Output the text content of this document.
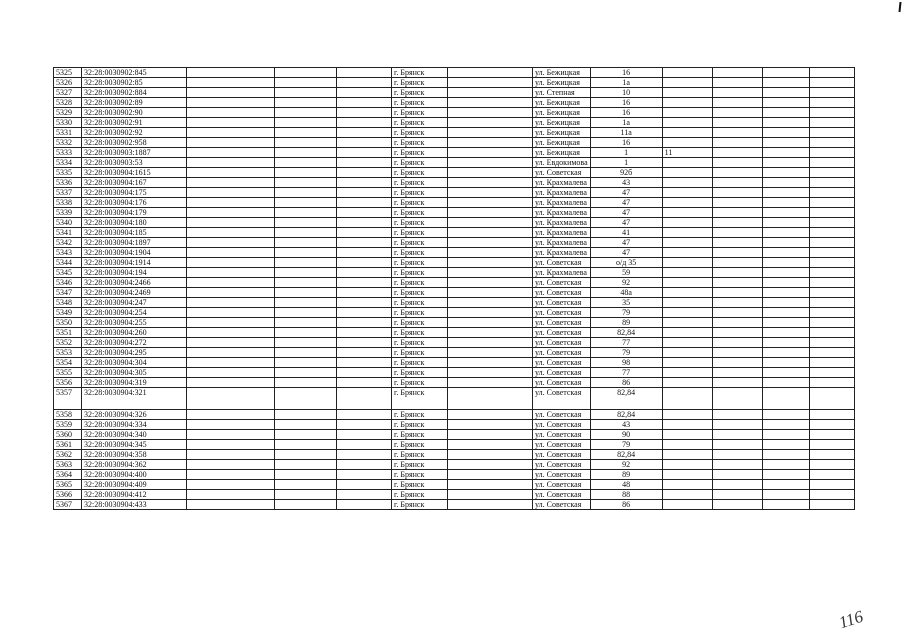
5325	32:28:0030902:845				г. Брянск		ул. Бежицкая	16				
5326	32:28:0030902:85				г. Брянск		ул. Бежицкая	1а				
5327	32:28:0030902:884				г. Брянск		ул. Степная	10				
5328	32:28:0030902:89				г. Брянск		ул. Бежицкая	16				
5329	32:28:0030902:90				г. Брянск		ул. Бежицкая	16				
5330	32:28:0030902:91				г. Брянск		ул. Бежицкая	1а				
5331	32:28:0030902:92				г. Брянск		ул. Бежицкая	11а				
5332	32:28:0030902:958				г. Брянск		ул. Бежицкая	16				
5333	32:28:0030903:1887				г. Брянск		ул. Бежицкая	1	11			
5334	32:28:0030903:53				г. Брянск		ул. Евдокимова	1				
5335	32:28:0030904:1615				г. Брянск		ул. Советская	92б				
5336	32:28:0030904:167				г. Брянск		ул. Крахмалева	43				
5337	32:28:0030904:175				г. Брянск		ул. Крахмалева	47				
5338	32:28:0030904:176				г. Брянск		ул. Крахмалева	47				
5339	32:28:0030904:179				г. Брянск		ул. Крахмалева	47				
5340	32:28:0030904:180				г. Брянск		ул. Крахмалева	47				
5341	32:28:0030904:185				г. Брянск		ул. Крахмалева	41				
5342	32:28:0030904:1897				г. Брянск		ул. Крахмалева	47				
5343	32:28:0030904:1904				г. Брянск		ул. Крахмалева	47				
5344	32:28:0030904:1914				г. Брянск		ул. Советская	о/д 35				
5345	32:28:0030904:194				г. Брянск		ул. Крахмалева	59				
5346	32:28:0030904:2466				г. Брянск		ул. Советская	92				
5347	32:28:0030904:2469				г. Брянск		ул. Советская	48а				
5348	32:28:0030904:247				г. Брянск		ул. Советская	35				
5349	32:28:0030904:254				г. Брянск		ул. Советская	79				
5350	32:28:0030904:255				г. Брянск		ул. Советская	89				
5351	32:28:0030904:260				г. Брянск		ул. Советская	82,84				
5352	32:28:0030904:272				г. Брянск		ул. Советская	77				
5353	32:28:0030904:295				г. Брянск		ул. Советская	79				
5354	32:28:0030904:304				г. Брянск		ул. Советская	98				
5355	32:28:0030904:305				г. Брянск		ул. Советская	77				
5356	32:28:0030904:319				г. Брянск		ул. Советская	86				
5357	32:28:0030904:321				г. Брянск		ул. Советская	82,84				
5358	32:28:0030904:326				г. Брянск		ул. Советская	82,84				
5359	32:28:0030904:334				г. Брянск		ул. Советская	43				
5360	32:28:0030904:340				г. Брянск		ул. Советская	90				
5361	32:28:0030904:345				г. Брянск		ул. Советская	79				
5362	32:28:0030904:358				г. Брянск		ул. Советская	82,84				
5363	32:28:0030904:362				г. Брянск		ул. Советская	92				
5364	32:28:0030904:400				г. Брянск		ул. Советская	89				
5365	32:28:0030904:409				г. Брянск		ул. Советская	48				
5366	32:28:0030904:412				г. Брянск		ул. Советская	88				
5367	32:28:0030904:433				г. Брянск		ул. Советская	86				
116
